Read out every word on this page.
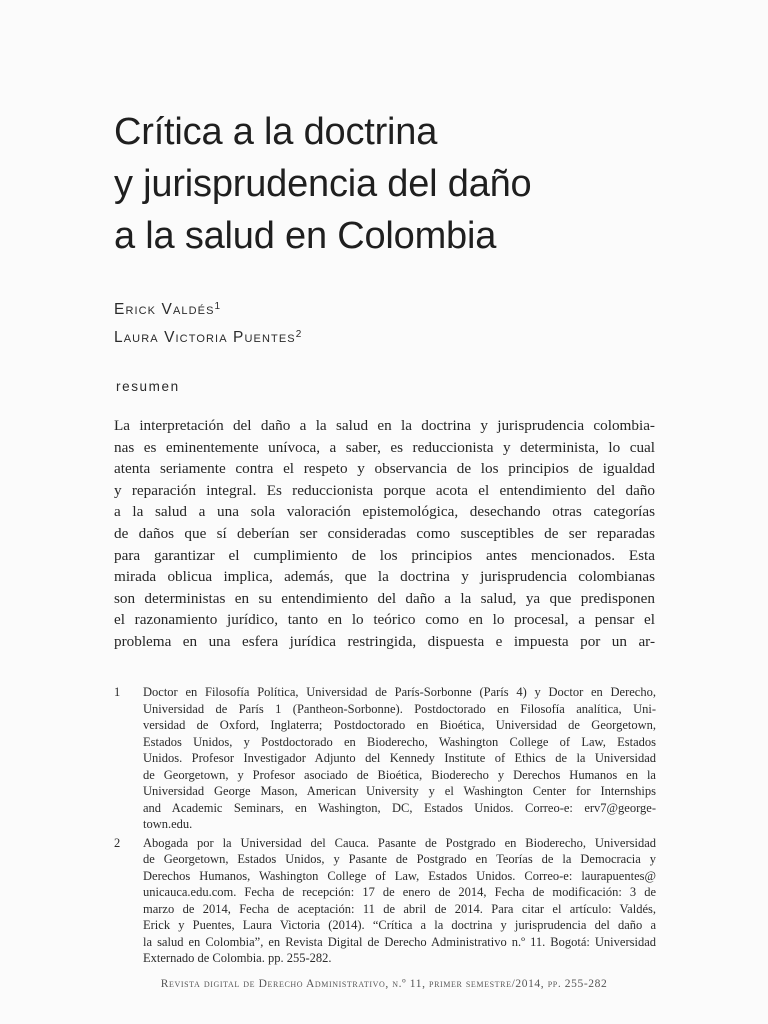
Crítica a la doctrina
y jurisprudencia del daño
a la salud en Colombia
Erick Valdés$^1$
Laura Victoria Puentes$^2$
resumen
La interpretación del daño a la salud en la doctrina y jurisprudencia colombia-
nas es eminentemente unívoca, a saber, es reduccionista y determinista, lo cual
atenta seriamente contra el respeto y observancia de los principios de igualdad
y reparación integral. Es reduccionista porque acota el entendimiento del daño
a la salud a una sola valoración epistemológica, desechando otras categorías
de daños que sí deberían ser consideradas como susceptibles de ser reparadas
para garantizar el cumplimiento de los principios antes mencionados. Esta
mirada oblicua implica, además, que la doctrina y jurisprudencia colombianas
son deterministas en su entendimiento del daño a la salud, ya que predisponen
el razonamiento jurídico, tanto en lo teórico como en lo procesal, a pensar el
problema en una esfera jurídica restringida, dispuesta e impuesta por un ar-
1 Doctor en Filosofía Política, Universidad de París-Sorbonne (París 4) y Doctor en Derecho,
Universidad de París 1 (Pantheon-Sorbonne). Postdoctorado en Filosofía analítica, Uni-
versidad de Oxford, Inglaterra; Postdoctorado en Bioética, Universidad de Georgetown,
Estados Unidos, y Postdoctorado en Bioderecho, Washington College of Law, Estados
Unidos. Profesor Investigador Adjunto del Kennedy Institute of Ethics de la Universidad
de Georgetown, y Profesor asociado de Bioética, Bioderecho y Derechos Humanos en la
Universidad George Mason, American University y el Washington Center for Internships
and Academic Seminars, en Washington, DC, Estados Unidos. Correo-e: erv7@george-
town.edu.
2 Abogada por la Universidad del Cauca. Pasante de Postgrado en Bioderecho, Universidad
de Georgetown, Estados Unidos, y Pasante de Postgrado en Teorías de la Democracia y
Derechos Humanos, Washington College of Law, Estados Unidos. Correo-e: laurapuentes@
unicauca.edu.com. Fecha de recepción: 17 de enero de 2014, Fecha de modificación: 3 de
marzo de 2014, Fecha de aceptación: 11 de abril de 2014. Para citar el artículo: Valdés,
Erick y Puentes, Laura Victoria (2014). “Crítica a la doctrina y jurisprudencia del daño a
la salud en Colombia”, en Revista Digital de Derecho Administrativo n.º 11. Bogotá: Universidad
Externado de Colombia. pp. 255-282.
Revista digital de Derecho Administrativo, n.º 11, primer semestre/2014, pp. 255-282
